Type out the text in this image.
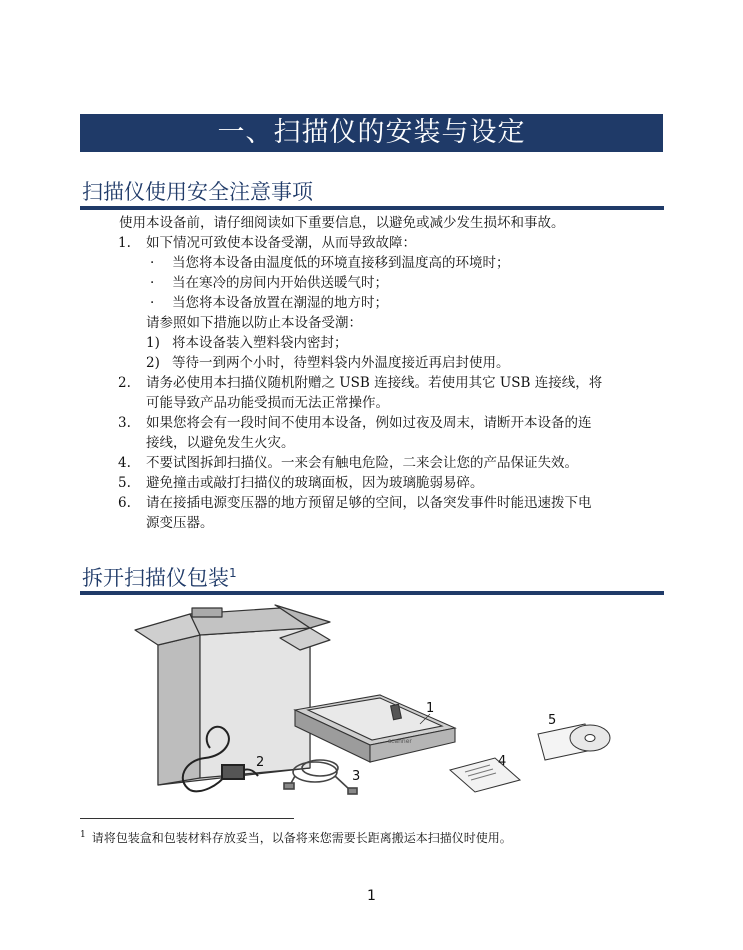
一、扫描仪的安装与设定
扫描仪使用安全注意事项
使用本设备前，请仔细阅读如下重要信息，以避免或减少发生损坏和事故。
1. 如下情况可致使本设备受潮，从而导致故障：
· 当您将本设备由温度低的环境直接移到温度高的环境时；
· 当在寒冷的房间内开始供送暖气时；
· 当您将本设备放置在潮湿的地方时；
请参照如下措施以防止本设备受潮：
1) 将本设备装入塑料袋内密封；
2) 等待一到两个小时，待塑料袋内外温度接近再启封使用。
2. 请务必使用本扫描仪随机附赠之 USB 连接线。若使用其它 USB 连接线，将
可能导致产品功能受损而无法正常操作。
3. 如果您将会有一段时间不使用本设备，例如过夜及周末，请断开本设备的连
接线，以避免发生火灾。
4. 不要试图拆卸扫描仪。一来会有触电危险，二来会让您的产品保证失效。
5. 避免撞击或敲打扫描仪的玻璃面板，因为玻璃脆弱易碎。
6. 请在接插电源变压器的地方预留足够的空间，以备突发事件时能迅速拨下电
源变压器。
拆开扫描仪包装$^1$
scanner
1
2
3
4
5
$^1$ 请将包装盒和包装材料存放妥当，以备将来您需要长距离搬运本扫描仪时使用。
1
